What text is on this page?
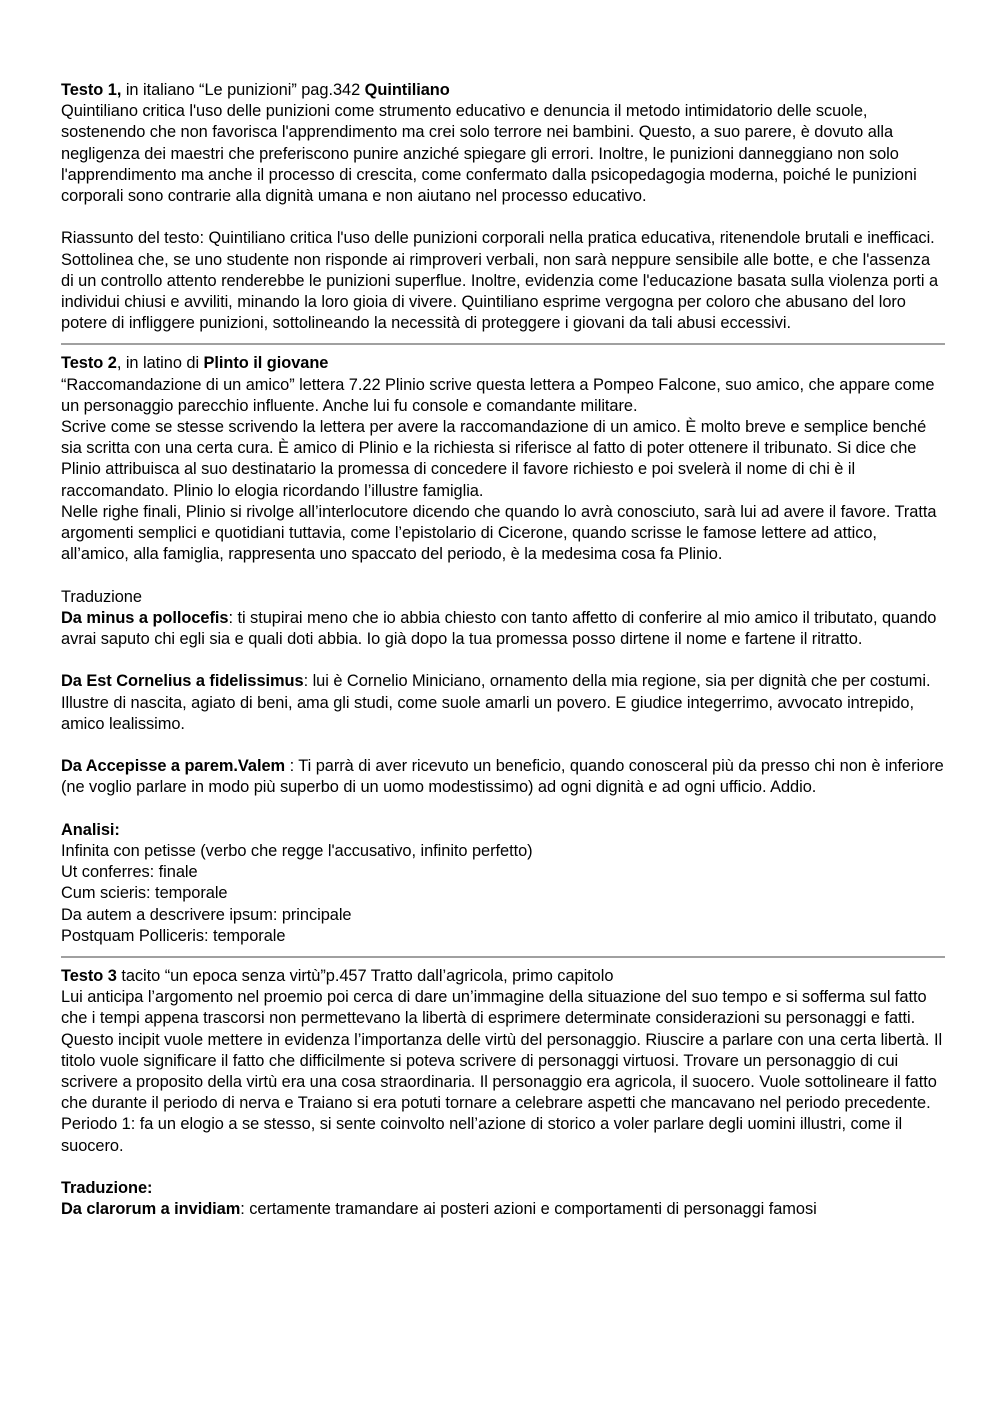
Testo 1, in italiano “Le punizioni” pag.342 Quintiliano

Quintiliano critica l'uso delle punizioni come strumento educativo e denuncia il metodo intimidatorio delle scuole, sostenendo che non favorisca l'apprendimento ma crei solo terrore nei bambini. Questo, a suo parere, è dovuto alla negligenza dei maestri che preferiscono punire anziché spiegare gli errori. Inoltre, le punizioni danneggiano non solo l'apprendimento ma anche il processo di crescita, come confermato dalla psicopedagogia moderna, poiché le punizioni corporali sono contrarie alla dignità umana e non aiutano nel processo educativo.

Riassunto del testo: Quintiliano critica l'uso delle punizioni corporali nella pratica educativa, ritenendole brutali e inefficaci. Sottolinea che, se uno studente non risponde ai rimproveri verbali, non sarà neppure sensibile alle botte, e che l'assenza di un controllo attento renderebbe le punizioni superflue. Inoltre, evidenzia come l'educazione basata sulla violenza porti a individui chiusi e avviliti, minando la loro gioia di vivere. Quintiliano esprime vergogna per coloro che abusano del loro potere di infliggere punizioni, sottolineando la necessità di proteggere i giovani da tali abusi eccessivi.

Testo 2, in latino di Plinto il giovane

“Raccomandazione di un amico” lettera 7.22 Plinio scrive questa lettera a Pompeo Falcone, suo amico, che appare come un personaggio parecchio influente. Anche lui fu console e comandante militare.

Scrive come se stesse scrivendo la lettera per avere la raccomandazione di un amico. È molto breve e semplice benché sia scritta con una certa cura. È amico di Plinio e la richiesta si riferisce al fatto di poter ottenere il tribunato. Si dice che Plinio attribuisca al suo destinatario la promessa di concedere il favore richiesto e poi svelerà il nome di chi è il raccomandato. Plinio lo elogia ricordando l’illustre famiglia.

Nelle righe finali, Plinio si rivolge all’interlocutore dicendo che quando lo avrà conosciuto, sarà lui ad avere il favore. Tratta argomenti semplici e quotidiani tuttavia, come l’epistolario di Cicerone, quando scrisse le famose lettere ad attico, all’amico, alla famiglia, rappresenta uno spaccato del periodo, è la medesima cosa fa Plinio.

Traduzione

Da minus a pollocefis: ti stupirai meno che io abbia chiesto con tanto affetto di conferire al mio amico il tributato, quando avrai saputo chi egli sia e quali doti abbia. Io già dopo la tua promessa posso dirtene il nome e fartene il ritratto.

Da Est Cornelius a fidelissimus: lui è Cornelio Miniciano, ornamento della mia regione, sia per dignità che per costumi. Illustre di nascita, agiato di beni, ama gli studi, come suole amarli un povero. E giudice integerrimo, avvocato intrepido, amico lealissimo.

Da Accepisse a parem.Valem : Ti parrà di aver ricevuto un beneficio, quando conosceral più da presso chi non è inferiore (ne voglio parlare in modo più superbo di un uomo modestissimo) ad ogni dignità e ad ogni ufficio. Addio.

Analisi:

Infinita con petisse (verbo che regge l'accusativo, infinito perfetto)

Ut conferres: finale

Cum scieris: temporale

Da autem a descrivere ipsum: principale

Postquam Polliceris: temporale

Testo 3 tacito “un epoca senza virtù”p.457 Tratto dall’agricola, primo capitolo

Lui anticipa l’argomento nel proemio poi cerca di dare un’immagine della situazione del suo tempo e si sofferma sul fatto che i tempi appena trascorsi non permettevano la libertà di esprimere determinate considerazioni su personaggi e fatti. Questo incipit vuole mettere in evidenza l’importanza delle virtù del personaggio. Riuscire a parlare con una certa libertà. Il titolo vuole significare il fatto che difficilmente si poteva scrivere di personaggi virtuosi. Trovare un personaggio di cui scrivere a proposito della virtù era una cosa straordinaria. Il personaggio era agricola, il suocero. Vuole sottolineare il fatto che durante il periodo di nerva e Traiano si era potuti tornare a celebrare aspetti che mancavano nel periodo precedente.

Periodo 1: fa un elogio a se stesso, si sente coinvolto nell’azione di storico a voler parlare degli uomini illustri, come il suocero.

Traduzione:

Da clarorum a invidiam: certamente tramandare ai posteri azioni e comportamenti di personaggi famosi
